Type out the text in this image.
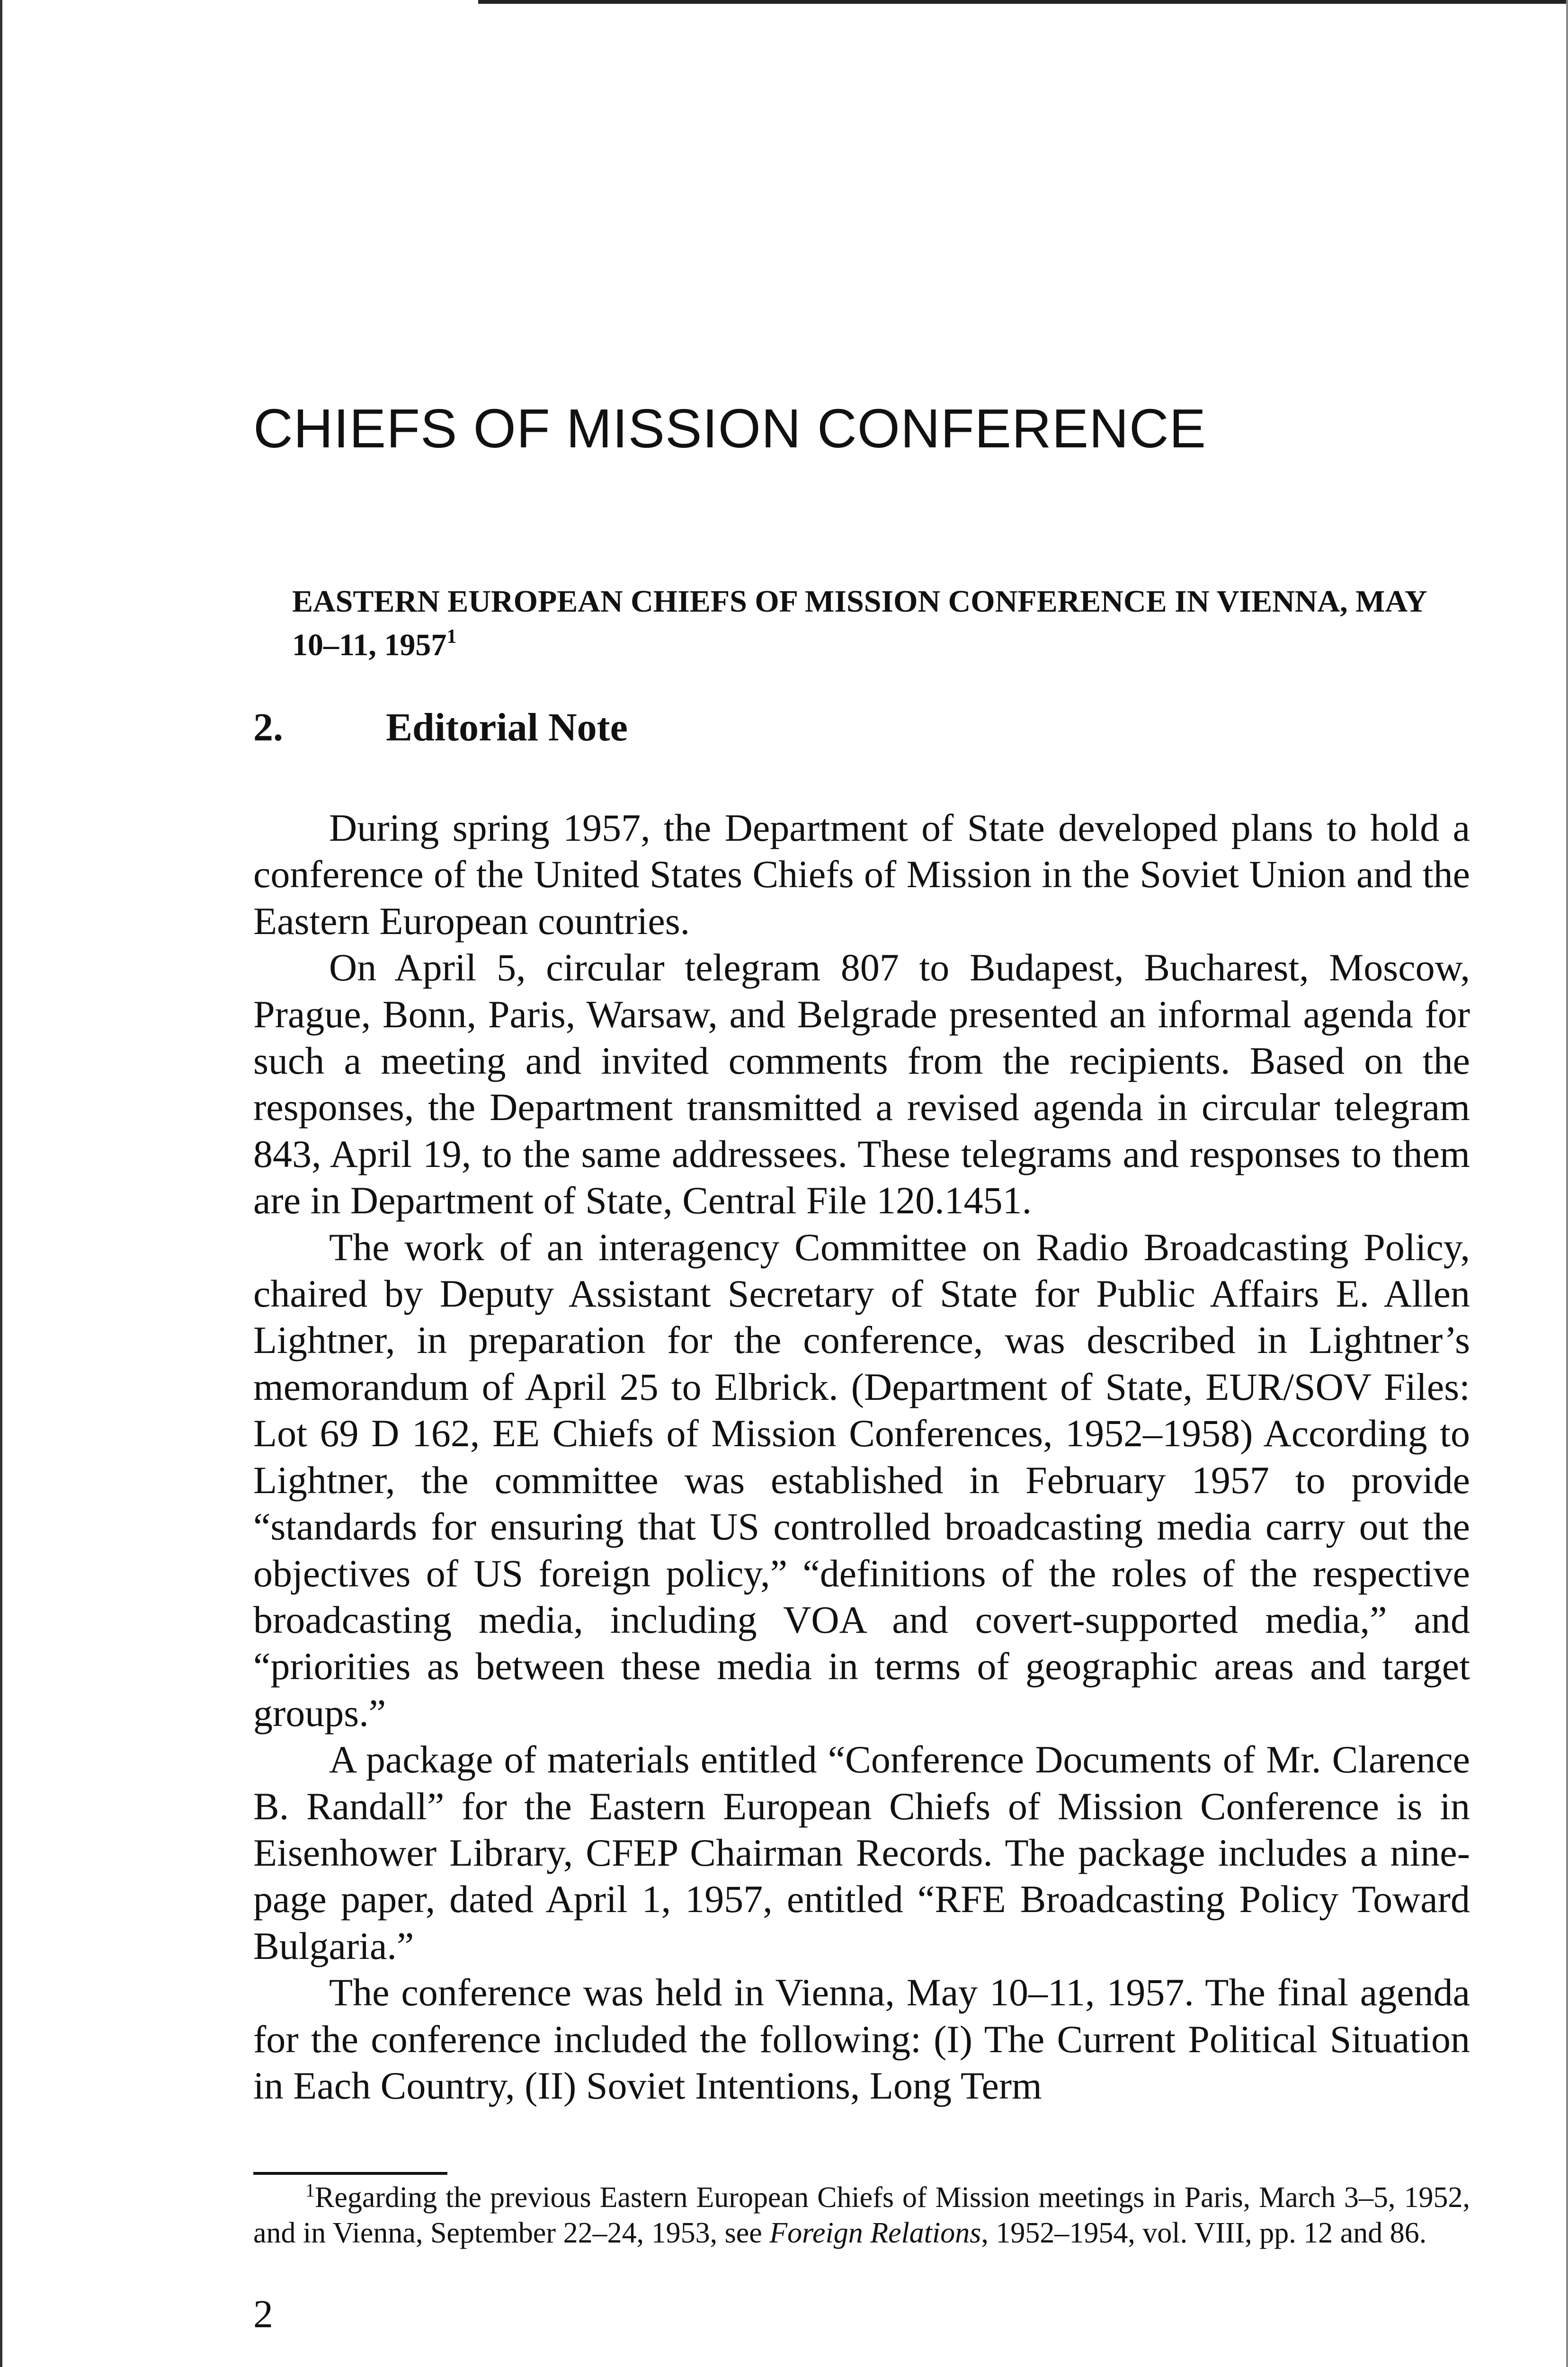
CHIEFS OF MISSION CONFERENCE
EASTERN EUROPEAN CHIEFS OF MISSION CONFERENCE IN VIENNA, MAY 10–11, 1957$^1$
2.	Editorial Note

During spring 1957, the Department of State developed plans to hold a conference of the United States Chiefs of Mission in the Soviet Union and the Eastern European countries.

On April 5, circular telegram 807 to Budapest, Bucharest, Moscow, Prague, Bonn, Paris, Warsaw, and Belgrade presented an informal agenda for such a meeting and invited comments from the recipients. Based on the responses, the Department transmitted a revised agenda in circular telegram 843, April 19, to the same addressees. These telegrams and responses to them are in Department of State, Central File 120.1451.

The work of an interagency Committee on Radio Broadcasting Policy, chaired by Deputy Assistant Secretary of State for Public Affairs E. Allen Lightner, in preparation for the conference, was described in Lightner’s memorandum of April 25 to Elbrick. (Department of State, EUR/SOV Files: Lot 69 D 162, EE Chiefs of Mission Conferences, 1952–1958) According to Lightner, the committee was established in February 1957 to provide “standards for ensuring that US controlled broadcasting media carry out the objectives of US foreign policy,” “definitions of the roles of the respective broadcasting media, including VOA and covert-supported media,” and “priorities as between these media in terms of geographic areas and target groups.”

A package of materials entitled “Conference Documents of Mr. Clarence B. Randall” for the Eastern European Chiefs of Mission Conference is in Eisenhower Library, CFEP Chairman Records. The package includes a nine-page paper, dated April 1, 1957, entitled “RFE Broadcasting Policy Toward Bulgaria.”

The conference was held in Vienna, May 10–11, 1957. The final agenda for the conference included the following: (I) The Current Political Situation in Each Country, (II) Soviet Intentions, Long Term

$^1$Regarding the previous Eastern European Chiefs of Mission meetings in Paris, March 3–5, 1952, and in Vienna, September 22–24, 1953, see Foreign Relations, 1952–1954, vol. VIII, pp. 12 and 86.

2
